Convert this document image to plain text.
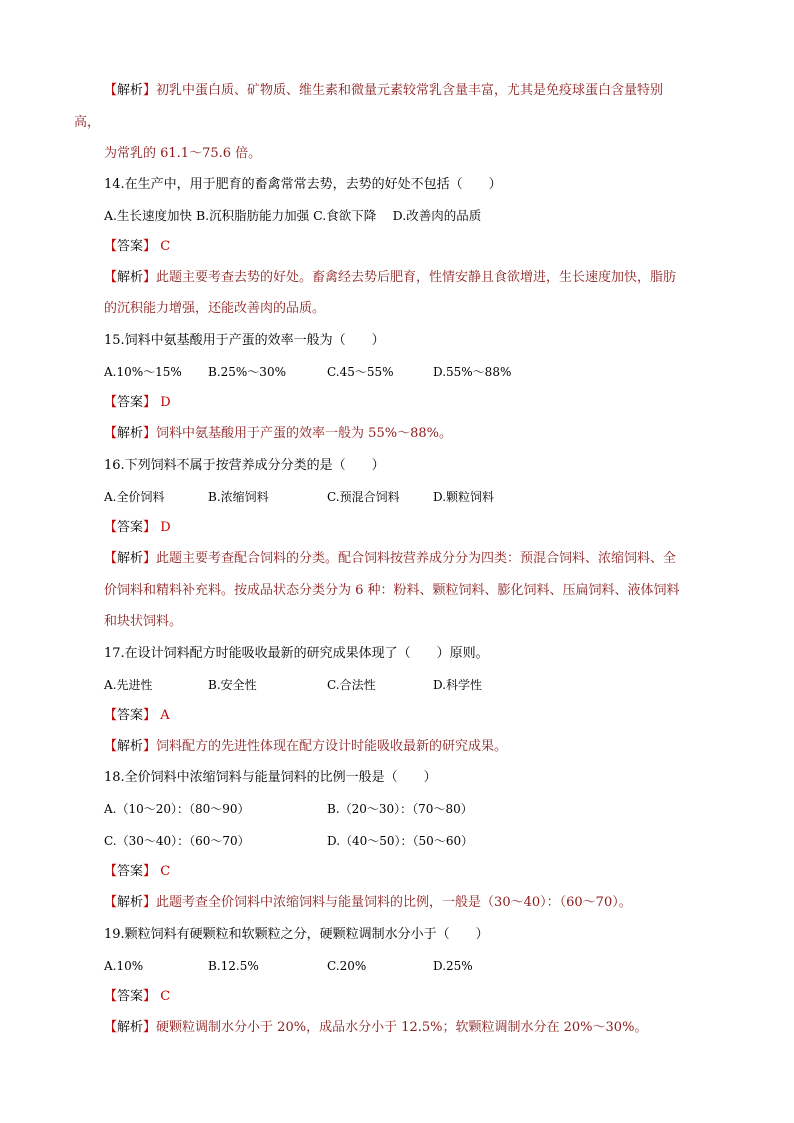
【解析】初乳中蛋白质、矿物质、维生素和微量元素较常乳含量丰富，尤其是免疫球蛋白含量特别
高，
为常乳的 61.1～75.6 倍。
14.在生产中，用于肥育的畜禽常常去势，去势的好处不包括（　　）
A.生长速度加快 B.沉积脂肪能力加强 C.食欲下降　 D.改善肉的品质
【答案】 C
【解析】此题主要考查去势的好处。畜禽经去势后肥育，性情安静且食欲增进，生长速度加快，脂肪
的沉积能力增强，还能改善肉的品质。
15.饲料中氨基酸用于产蛋的效率一般为（　　）
A.10%～15% B.25%～30%	C.45～55%	D.55%～88%
【答案】 D
【解析】饲料中氨基酸用于产蛋的效率一般为 55%～88%。
16.下列饲料不属于按营养成分分类的是（　　）
A.全价饲料	B.浓缩饲料	C.预混合饲料	D.颗粒饲料
【答案】 D
【解析】此题主要考查配合饲料的分类。配合饲料按营养成分分为四类：预混合饲料、浓缩饲料、全
价饲料和精料补充料。按成品状态分类分为 6 种：粉料、颗粒饲料、膨化饲料、压扁饲料、液体饲料
和块状饲料。
17.在设计饲料配方时能吸收最新的研究成果体现了（　　）原则。
A.先进性	B.安全性	C.合法性	D.科学性
【答案】 A
【解析】饲料配方的先进性体现在配方设计时能吸收最新的研究成果。
18.全价饲料中浓缩饲料与能量饲料的比例一般是（　　）
A.（10～20）：（80～90）	B.（20～30）：（70～80）
C.（30～40）：（60～70）	D.（40～50）：（50～60）
【答案】 C
【解析】此题考查全价饲料中浓缩饲料与能量饲料的比例，一般是（30～40）：（60～70）。
19.颗粒饲料有硬颗粒和软颗粒之分，硬颗粒调制水分小于（　　）
A.10%	B.12.5%	C.20%	D.25%
【答案】 C
【解析】硬颗粒调制水分小于 20%，成品水分小于 12.5%；软颗粒调制水分在 20%～30%。
